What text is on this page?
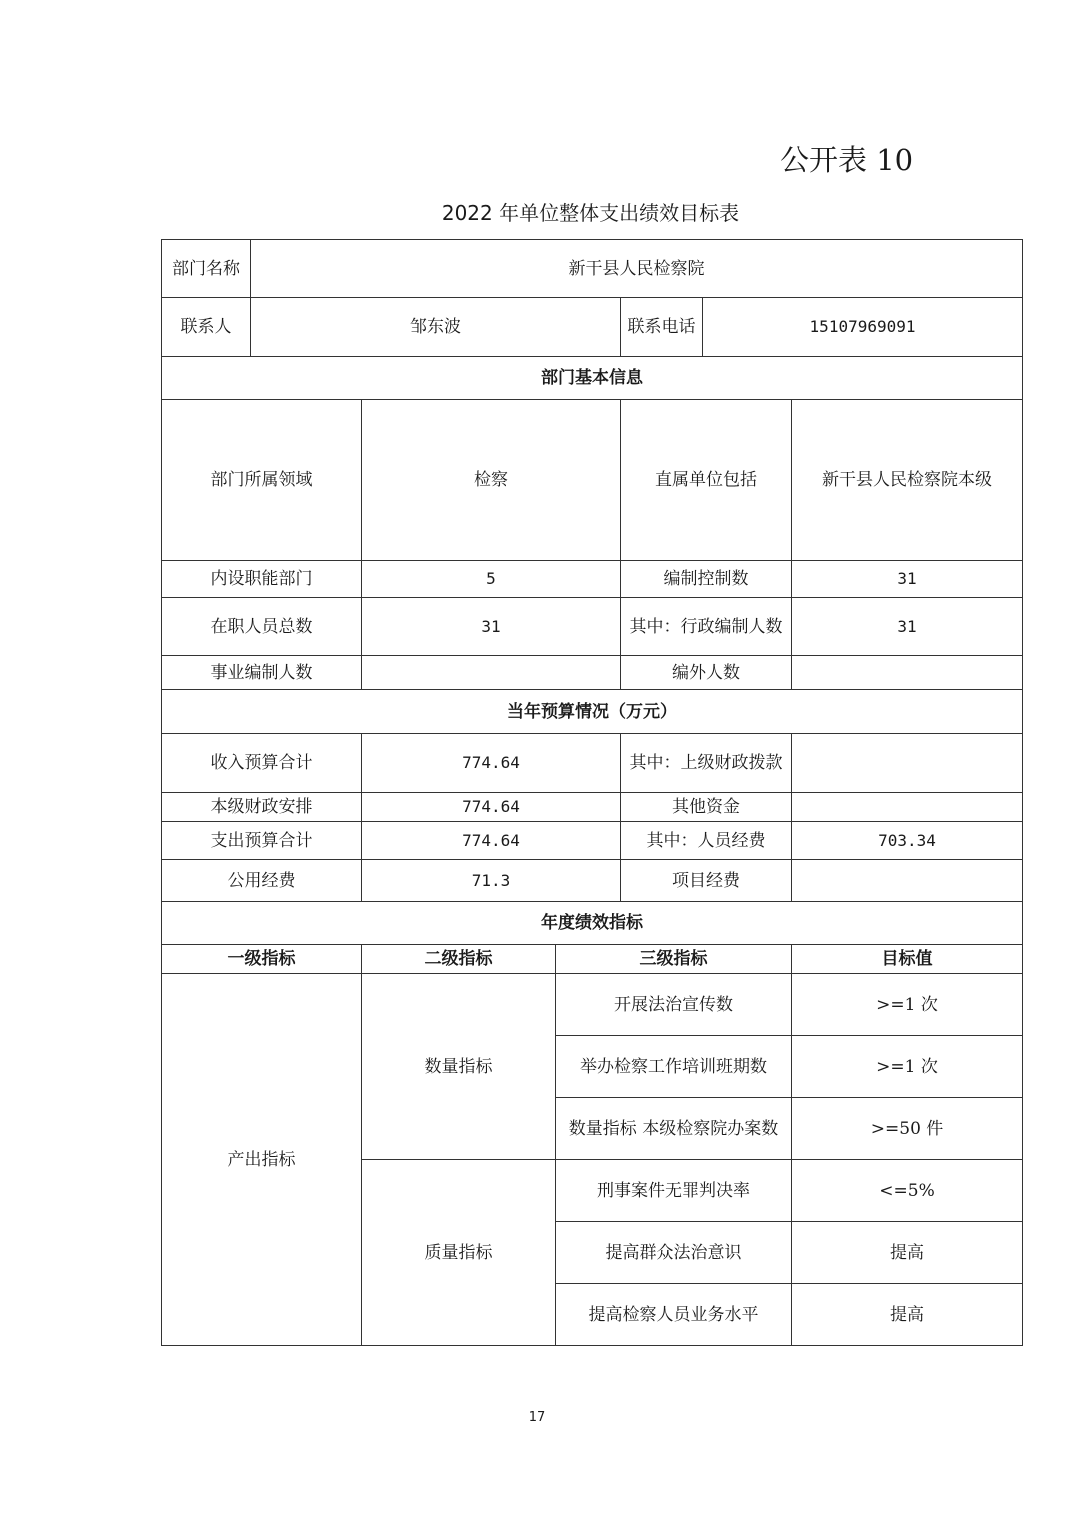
公开表 10
2022 年单位整体支出绩效目标表
部门名称	新干县人民检察院					
联系人	邹东波			联系电话	15107969091	
部门基本信息						
部门所属领域		检察		直属单位包括		新干县人民检察院本级
内设职能部门		5		编制控制数		31
在职人员总数		31		其中：行政编制人数		31
事业编制人数				编外人数		
当年预算情况（万元）						
收入预算合计		774.64		其中：上级财政拨款		
本级财政安排		774.64		其他资金		
支出预算合计		774.64		其中：人员经费		703.34
公用经费		71.3		项目经费		
年度绩效指标						
一级指标		二级指标	三级指标			目标值
产出指标		数量指标	开展法治宣传数			>=1 次
			举办检察工作培训班期数			>=1 次
			数量指标 本级检察院办案数			>=50 件
		质量指标	刑事案件无罪判决率			<=5%
			提高群众法治意识			提高
			提高检察人员业务水平			提高
17
